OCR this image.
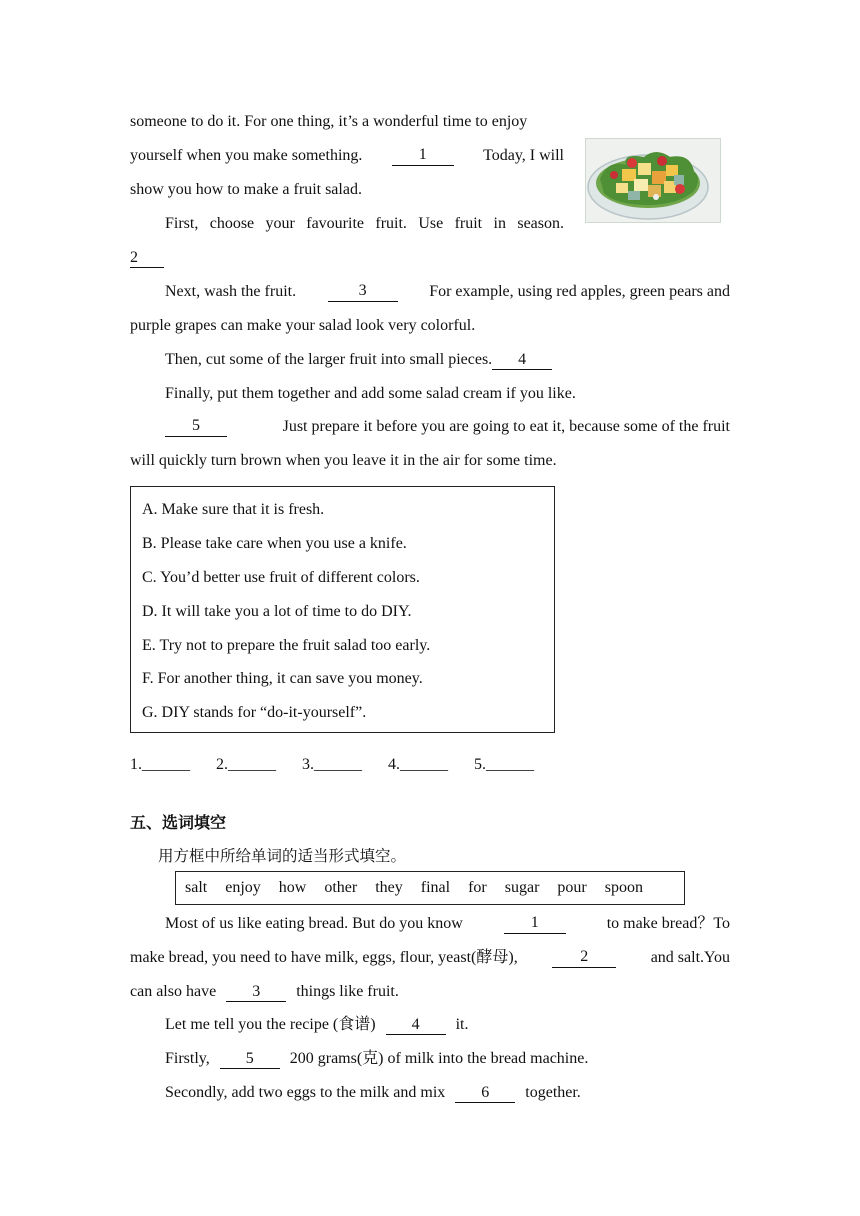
someone to do it. For one thing, it’s a wonderful time to enjoy
yourself when you make something.	1	Today, I will
show you how to make a fruit salad.
First, choose your favourite fruit. Use fruit in season.
2
Next, wash the fruit.	3	For example, using red apples, green pears and
purple grapes can make your salad look very colorful.
Then, cut some of the larger fruit into small pieces. 4
Finally, put them together and add some salad cream if you like.
5	Just prepare it before you are going to eat it, because some of the fruit
will quickly turn brown when you leave it in the air for some time.
A. Make sure that it is fresh.
B. Please take care when you use a knife.
C. You’d better use fruit of different colors.
D. It will take you a lot of time to do DIY.
E. Try not to prepare the fruit salad too early.
F. For another thing, it can save you money.
G. DIY stands for “do-it-yourself”.
1.______ 2.______ 3.______ 4.______ 5.______
五、选词填空
用方框中所给单词的适当形式填空。
salt enjoy how other they final for sugar pour spoon
Most of us like eating bread. But do you know	1	to make bread？To
make bread, you need to have milk, eggs, flour, yeast(酵母),	2	and salt.You
can also have 3 things like fruit.
Let me tell you the recipe (食谱) 4 it.
Firstly, 5 200 grams(克) of milk into the bread machine.
Secondly, add two eggs to the milk and mix 6 together.
